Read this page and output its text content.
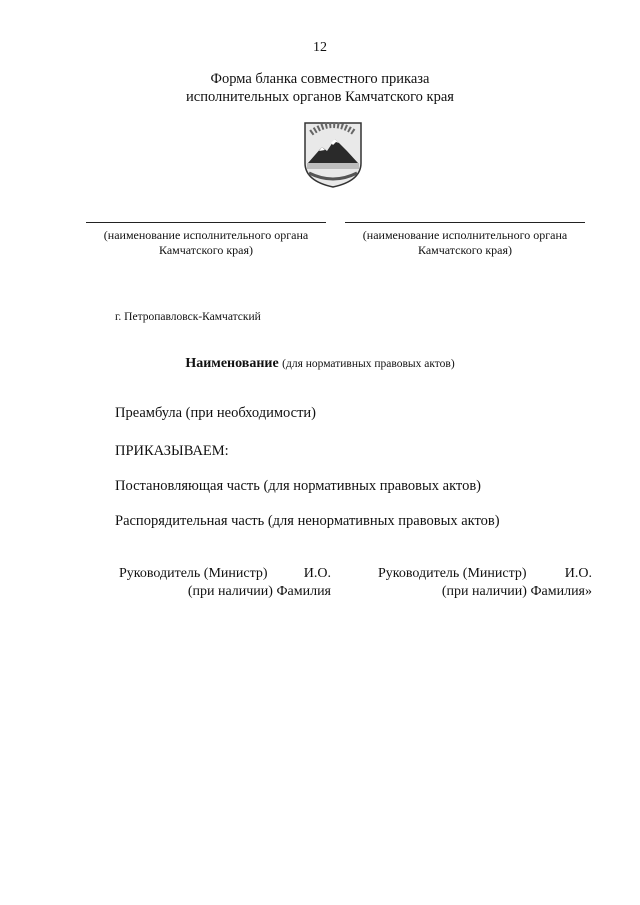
12
Форма бланка совместного приказа
исполнительных органов Камчатского края
(наименование исполнительного органа
Камчатского края)
(наименование исполнительного органа
Камчатского края)
г. Петропавловск-Камчатский
Наименование (для нормативных правовых актов)
Преамбула (при необходимости)
ПРИКАЗЫВАЕМ:
Постановляющая часть (для нормативных правовых актов)
Распорядительная часть (для ненормативных правовых актов)
Руководитель (Министр)	И.О.
(при наличии) Фамилия
Руководитель (Министр)	И.О.
(при наличии) Фамилия»
